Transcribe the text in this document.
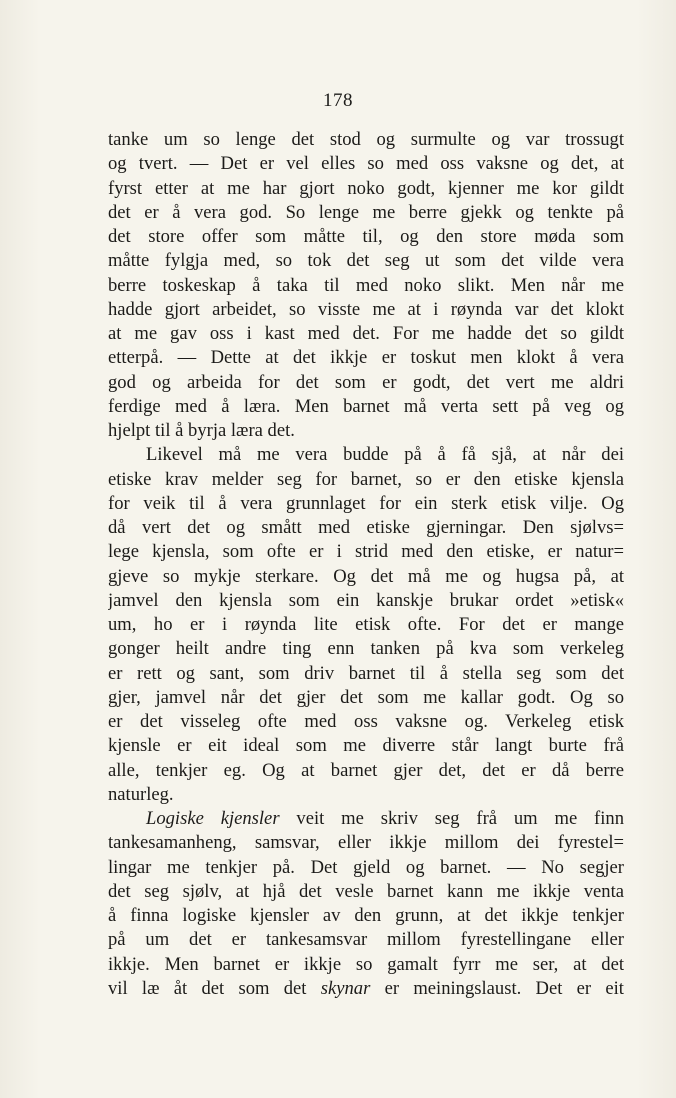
178
tanke um so lenge det stod og surmulte og var trossugt
og tvert. — Det er vel elles so med oss vaksne og det, at
fyrst etter at me har gjort noko godt, kjenner me kor gildt
det er å vera god. So lenge me berre gjekk og tenkte på
det store offer som måtte til, og den store møda som
måtte fylgja med, so tok det seg ut som det vilde vera
berre toskeskap å taka til med noko slikt. Men når me
hadde gjort arbeidet, so visste me at i røynda var det klokt
at me gav oss i kast med det. For me hadde det so gildt
etterpå. — Dette at det ikkje er toskut men klokt å vera
god og arbeida for det som er godt, det vert me aldri
ferdige med å læra. Men barnet må verta sett på veg og
hjelpt til å byrja læra det.
Likevel må me vera budde på å få sjå, at når dei
etiske krav melder seg for barnet, so er den etiske kjensla
for veik til å vera grunnlaget for ein sterk etisk vilje. Og
då vert det og smått med etiske gjerningar. Den sjølvs=
lege kjensla, som ofte er i strid med den etiske, er natur=
gjeve so mykje sterkare. Og det må me og hugsa på, at
jamvel den kjensla som ein kanskje brukar ordet »etisk«
um, ho er i røynda lite etisk ofte. For det er mange
gonger heilt andre ting enn tanken på kva som verkeleg
er rett og sant, som driv barnet til å stella seg som det
gjer, jamvel når det gjer det som me kallar godt. Og so
er det visseleg ofte med oss vaksne og. Verkeleg etisk
kjensle er eit ideal som me diverre står langt burte frå
alle, tenkjer eg. Og at barnet gjer det, det er då berre
naturleg.
Logiske kjensler veit me skriv seg frå um me finn
tankesamanheng, samsvar, eller ikkje millom dei fyrestel=
lingar me tenkjer på. Det gjeld og barnet. — No segjer
det seg sjølv, at hjå det vesle barnet kann me ikkje venta
å finna logiske kjensler av den grunn, at det ikkje tenkjer
på um det er tankesamsvar millom fyrestellingane eller
ikkje. Men barnet er ikkje so gamalt fyrr me ser, at det
vil læ åt det som det skynar er meiningslaust. Det er eit
